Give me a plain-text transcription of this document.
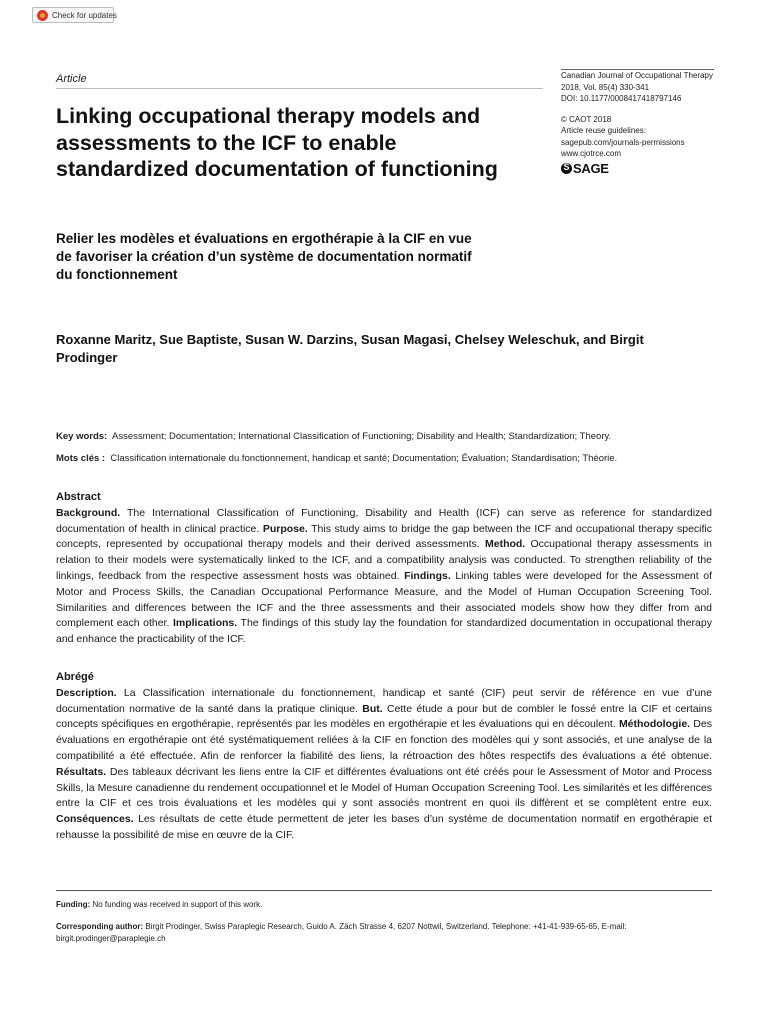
Check for updates
Article	Canadian Journal of Occupational Therapy
2018, Vol. 85(4) 330-341
DOI: 10.1177/0008417418797146
© CAOT 2018
Article reuse guidelines:
sagepub.com/journals-permissions
www.cjotrce.com
S
SAGE
Linking occupational therapy models and assessments to the ICF to enable standardized documentation of functioning
Relier les modèles et évaluations en ergothérapie à la CIF en vue de favoriser la création d’un système de documentation normatif du fonctionnement
Roxanne Maritz, Sue Baptiste, Susan W. Darzins, Susan Magasi, Chelsey Weleschuk, and Birgit Prodinger
Key words: Assessment; Documentation; International Classification of Functioning; Disability and Health; Standardization; Theory.
Mots clés : Classification internationale du fonctionnement, handicap et santé; Documentation; Évaluation; Standardisation; Théorie.
Abstract

Background. The International Classification of Functioning, Disability and Health (ICF) can serve as reference for standardized documentation of health in clinical practice. Purpose. This study aims to bridge the gap between the ICF and occupational therapy specific concepts, represented by occupational therapy models and their derived assessments. Method. Occupational therapy assessments in relation to their models were systematically linked to the ICF, and a compatibility analysis was conducted. To strengthen reliability of the linkings, feedback from the respective assessment hosts was obtained. Findings. Linking tables were developed for the Assessment of Motor and Process Skills, the Canadian Occupational Performance Measure, and the Model of Human Occupation Screening Tool. Similarities and differences between the ICF and the three assessments and their associated models show how they differ from and complement each other. Implications. The findings of this study lay the foundation for standardized documentation in occupational therapy and enhance the practicability of the ICF.

Abrégé

Description. La Classification internationale du fonctionnement, handicap et santé (CIF) peut servir de référence en vue d’une documentation normative de la santé dans la pratique clinique. But. Cette étude a pour but de combler le fossé entre la CIF et certains concepts spécifiques en ergothérapie, représentés par les modèles en ergothérapie et les évaluations qui en découlent. Méthodologie. Des évaluations en ergothérapie ont été systématiquement reliées à la CIF en fonction des modèles qui y sont associés, et une analyse de la compatibilité a été effectuée. Afin de renforcer la fiabilité des liens, la rétroaction des hôtes respectifs des évaluations a été obtenue. Résultats. Des tableaux décrivant les liens entre la CIF et différentes évaluations ont été créés pour le Assessment of Motor and Process Skills, la Mesure canadienne du rendement occupationnel et le Model of Human Occupation Screening Tool. Les similarités et les différences entre la CIF et ces trois évaluations et les modèles qui y sont associés montrent en quoi ils diffèrent et se complètent entre eux. Conséquences. Les résultats de cette étude permettent de jeter les bases d’un système de documentation normatif en ergothérapie et rehausse la possibilité de mise en œuvre de la CIF.

Funding: No funding was received in support of this work.
Corresponding author: Birgit Prodinger, Swiss Paraplegic Research, Guido A. Zäch Strasse 4, 6207 Nottwil, Switzerland. Telephone: +41-41-939-65-65. E-mail: birgit.prodinger@paraplegie.ch
